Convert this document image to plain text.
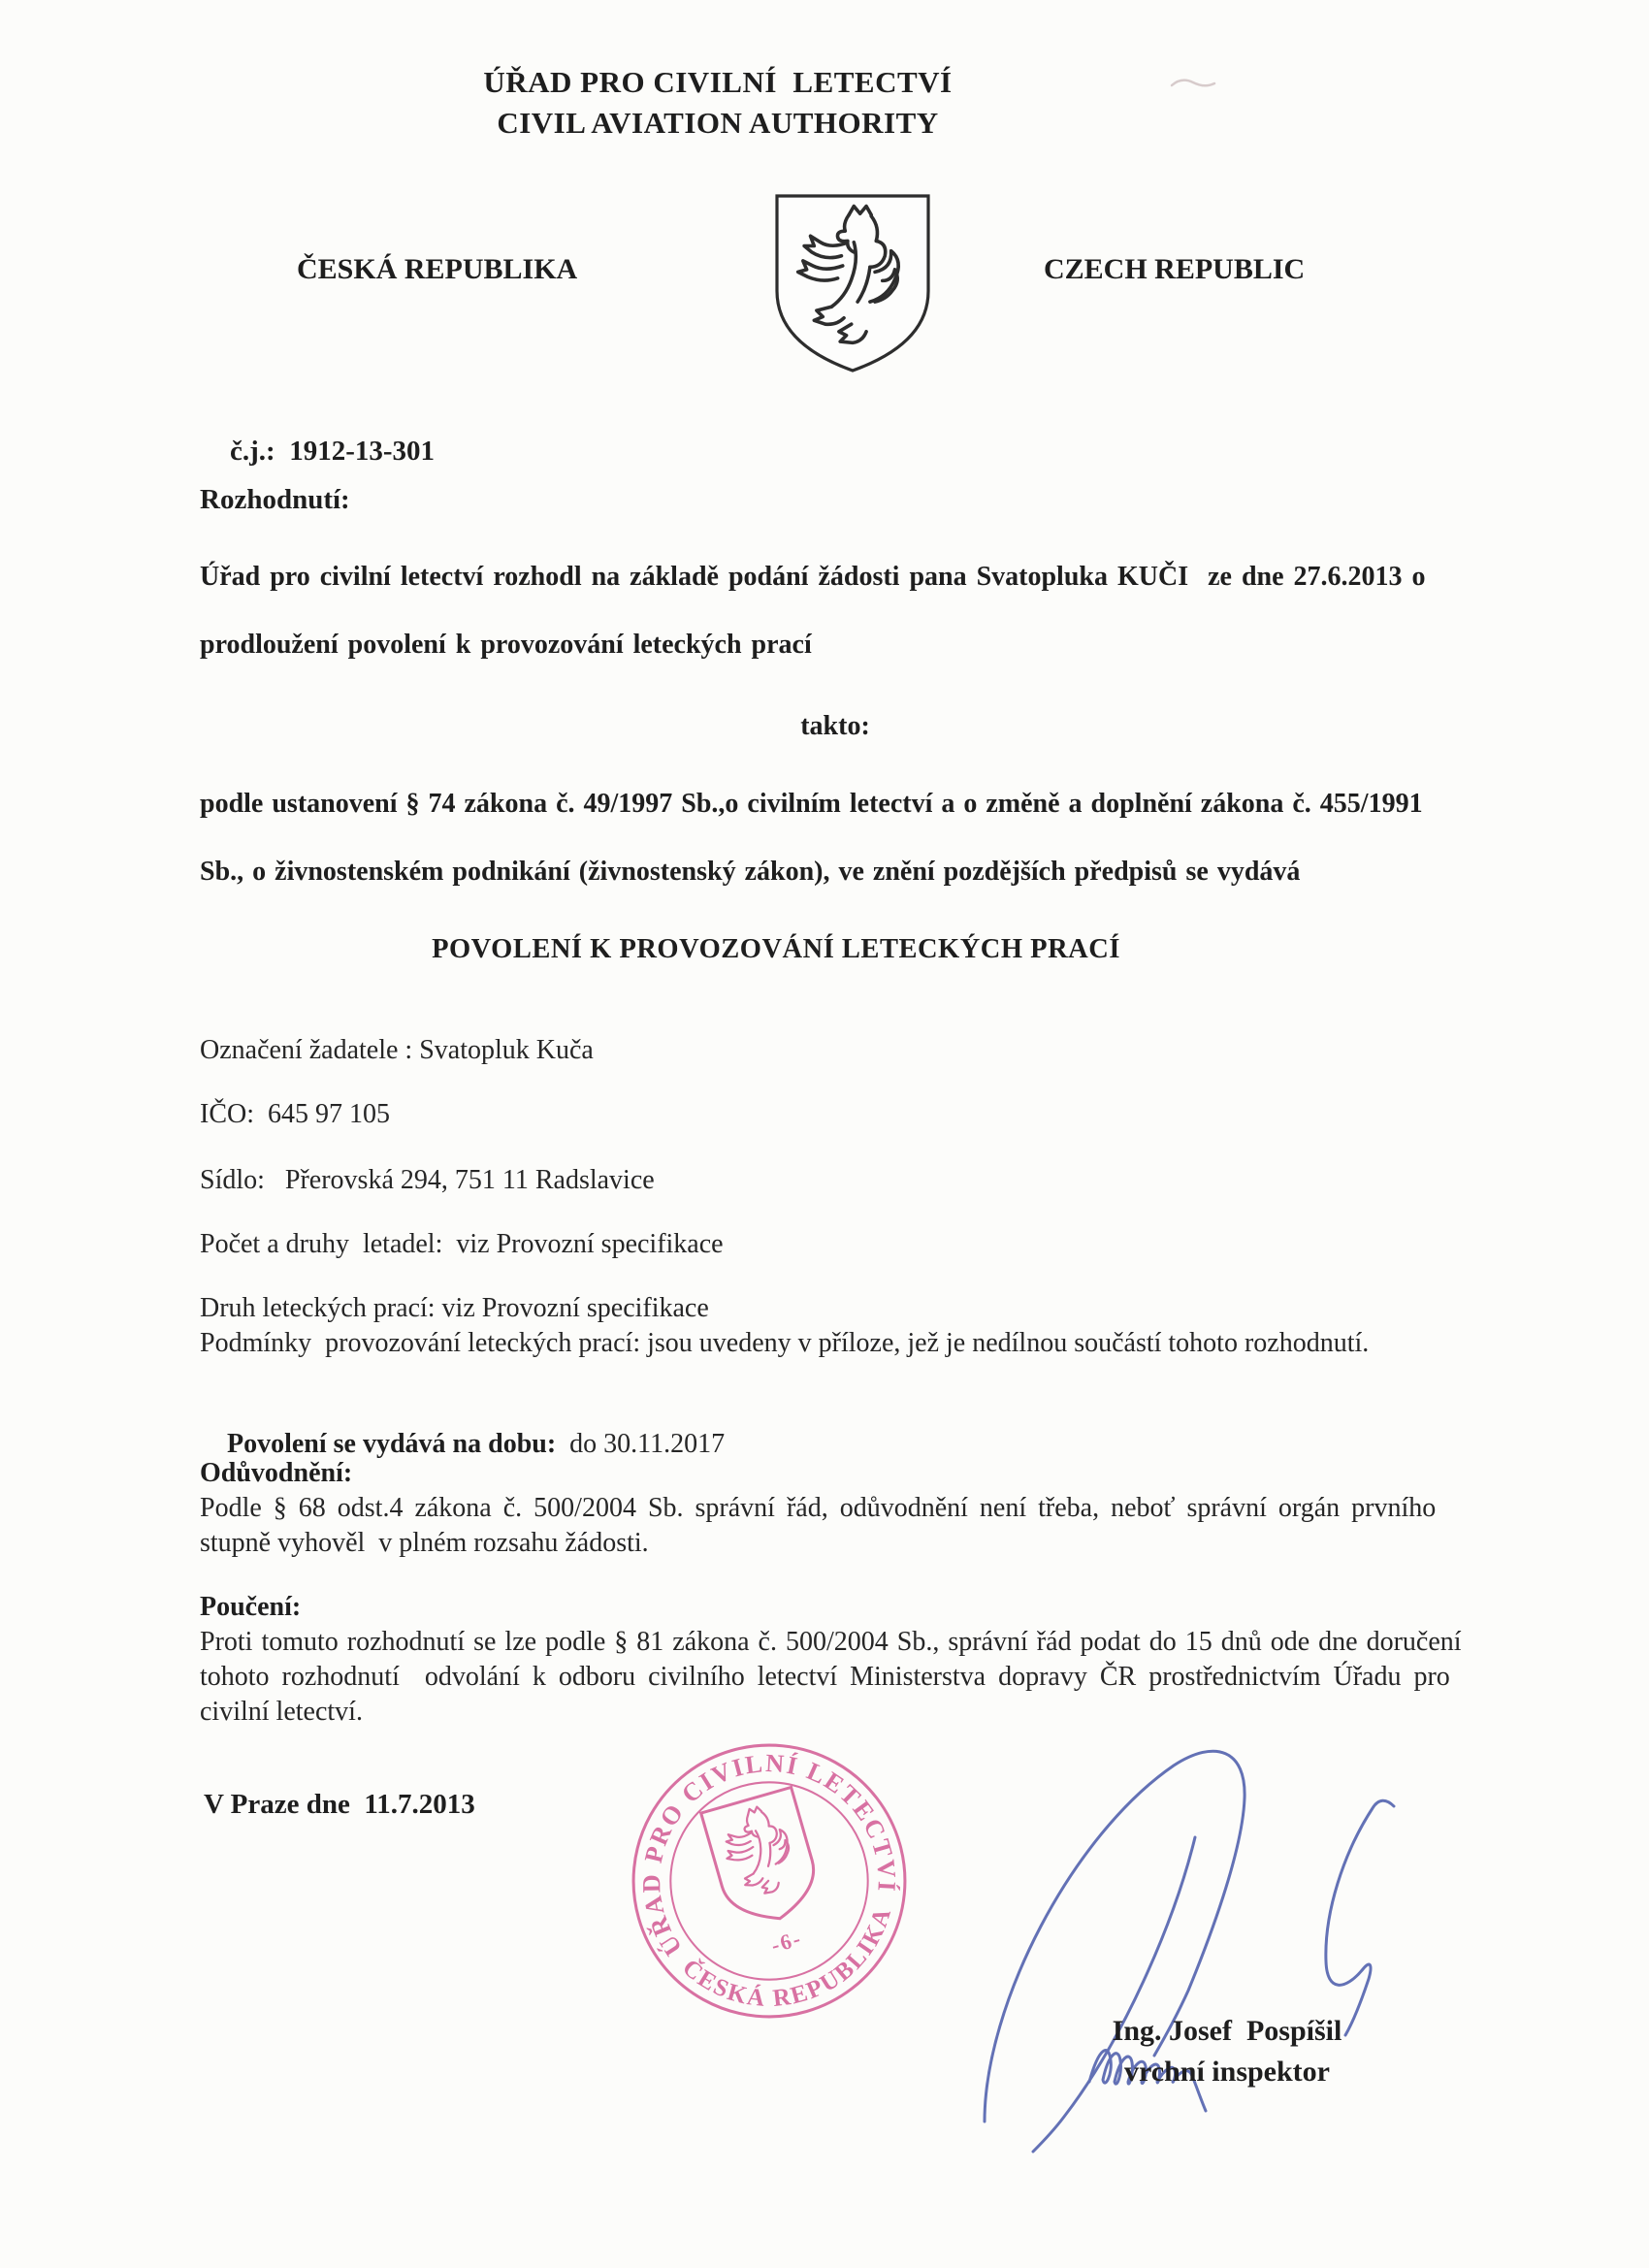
ÚŘAD PRO CIVILNÍ  LETECTVÍ
CIVIL AVIATION AUTHORITY
ČESKÁ REPUBLIKA	CZECH REPUBLIC

č.j.: 1912-13-301

Rozhodnutí:
Úřad pro civilní letectví rozhodl na základě podání žádosti pana Svatopluka KUČI  ze dne 27.6.2013 o
prodloužení povolení k provozování leteckých prací
takto:
podle ustanovení § 74 zákona č. 49/1997 Sb.,o civilním letectví a o změně a doplnění zákona č. 455/1991
Sb., o živnostenském podnikání (živnostenský zákon), ve znění pozdějších předpisů se vydává
POVOLENÍ K PROVOZOVÁNÍ LETECKÝCH PRACÍ
Označení žadatele : Svatopluk Kuča
IČO:  645 97 105
Sídlo:   Přerovská 294, 751 11 Radslavice
Počet a druhy  letadel:  viz Provozní specifikace
Druh leteckých prací: viz Provozní specifikace
Podmínky  provozování leteckých prací: jsou uvedeny v příloze, jež je nedílnou součástí tohoto rozhodnutí.

Povolení se vydává na dobu: do 30.11.2017

Odůvodnění:
Podle § 68 odst.4 zákona č. 500/2004 Sb. správní řád, odůvodnění není třeba, neboť správní orgán prvního
stupně vyhověl  v plném rozsahu žádosti.
Poučení:
Proti tomuto rozhodnutí se lze podle § 81 zákona č. 500/2004 Sb., správní řád podat do 15 dnů ode dne doručení
tohoto rozhodnutí  odvolání k odboru civilního letectví Ministerstva dopravy ČR prostřednictvím Úřadu pro
civilní letectví.
V Praze dne  11.7.2013
ÚŘAD PRO CIVILNÍ LETECTVÍ
ČESKÁ REPUBLIKA
-6-
Ing. Josef  Pospíšil
vrchní inspektor
